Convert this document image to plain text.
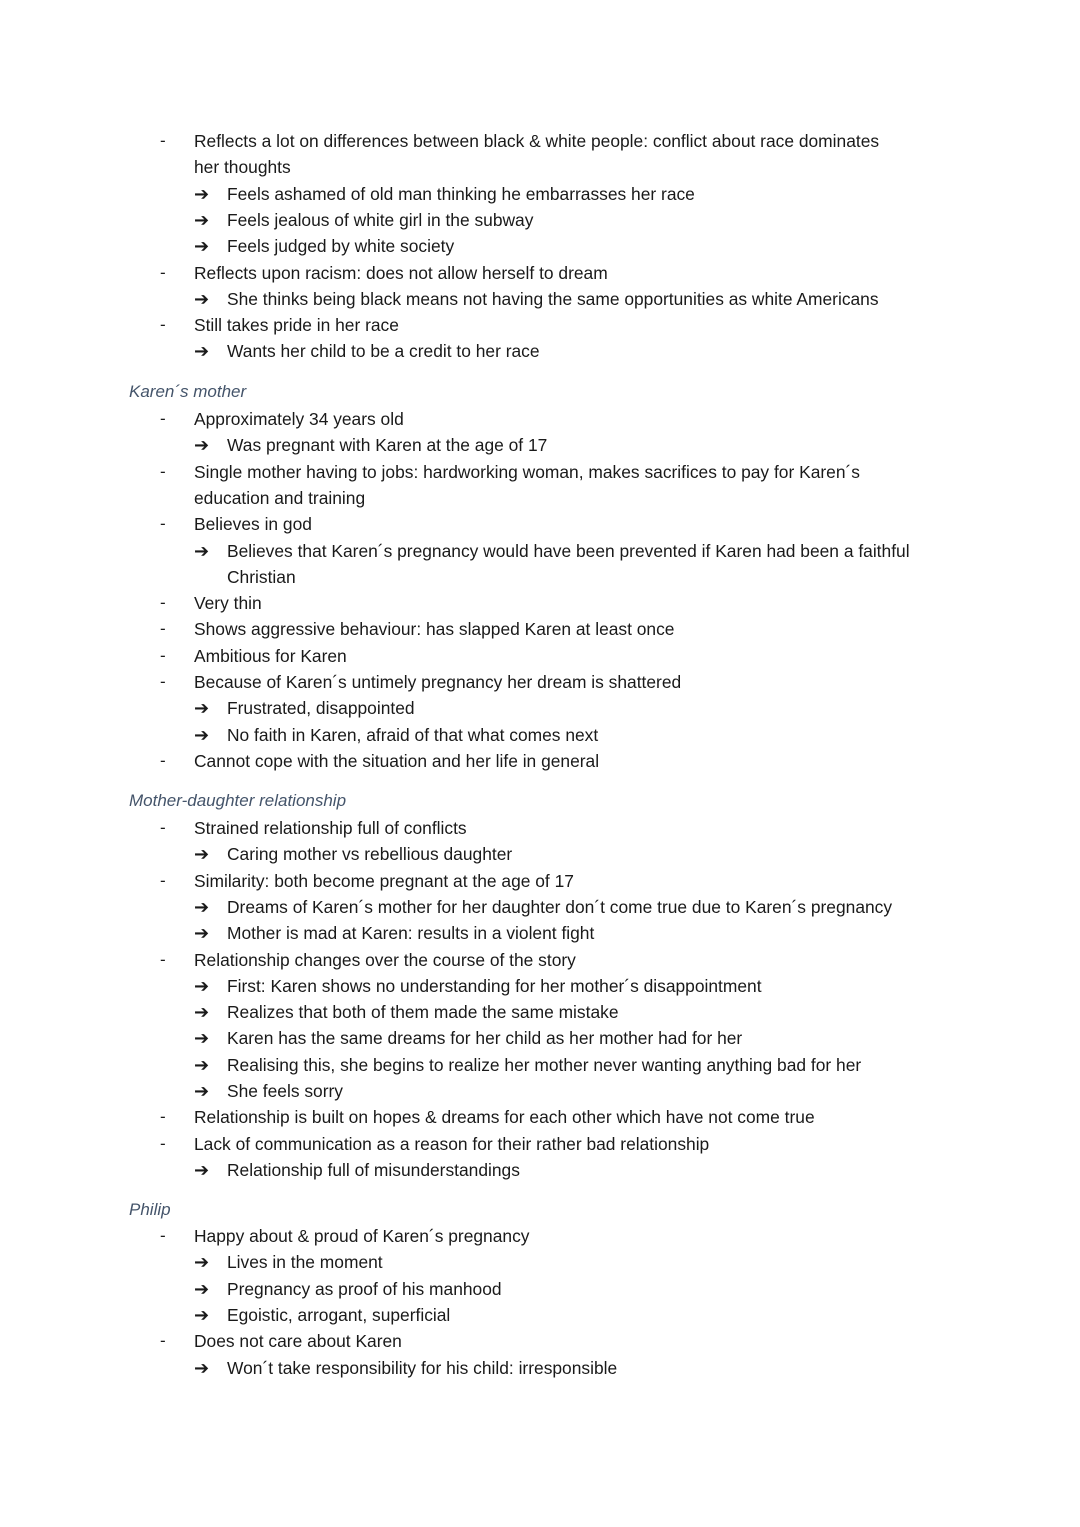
- Reflects a lot on differences between black & white people: conflict about race dominates
her thoughts
➔ Feels ashamed of old man thinking he embarrasses her race
➔ Feels jealous of white girl in the subway
➔ Feels judged by white society
- Reflects upon racism: does not allow herself to dream
➔ She thinks being black means not having the same opportunities as white Americans
- Still takes pride in her race
➔ Wants her child to be a credit to her race
Karen´s mother
- Approximately 34 years old
➔ Was pregnant with Karen at the age of 17
- Single mother having to jobs: hardworking woman, makes sacrifices to pay for Karen´s
education and training
- Believes in god
➔ Believes that Karen´s pregnancy would have been prevented if Karen had been a faithful
Christian
- Very thin
- Shows aggressive behaviour: has slapped Karen at least once
- Ambitious for Karen
- Because of Karen´s untimely pregnancy her dream is shattered
➔ Frustrated, disappointed
➔ No faith in Karen, afraid of that what comes next
- Cannot cope with the situation and her life in general
Mother-daughter relationship
- Strained relationship full of conflicts
➔ Caring mother vs rebellious daughter
- Similarity: both become pregnant at the age of 17
➔ Dreams of Karen´s mother for her daughter don´t come true due to Karen´s pregnancy
➔ Mother is mad at Karen: results in a violent fight
- Relationship changes over the course of the story
➔ First: Karen shows no understanding for her mother´s disappointment
➔ Realizes that both of them made the same mistake
➔ Karen has the same dreams for her child as her mother had for her
➔ Realising this, she begins to realize her mother never wanting anything bad for her
➔ She feels sorry
- Relationship is built on hopes & dreams for each other which have not come true
- Lack of communication as a reason for their rather bad relationship
➔ Relationship full of misunderstandings
Philip
- Happy about & proud of Karen´s pregnancy
➔ Lives in the moment
➔ Pregnancy as proof of his manhood
➔ Egoistic, arrogant, superficial
- Does not care about Karen
➔ Won´t take responsibility for his child: irresponsible
